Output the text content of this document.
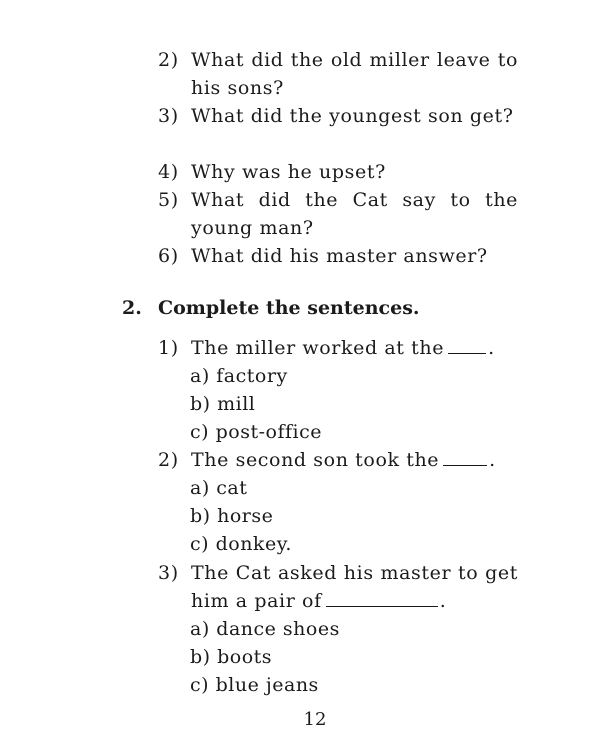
2) What did the old miller leave to his sons?
3) What did the youngest son get?
4) Why was he upset?
5) What did the Cat say to the young man?
6) What did his master answer?
2. Complete the sentences.
1) The miller worked at the .
a) factory
b) mill
c) post-office
2) The second son took the	.
a) cat
b) horse
c) donkey.
3) The Cat asked his master to get him a pair of	.
a) dance shoes
b) boots
c) blue jeans
12
